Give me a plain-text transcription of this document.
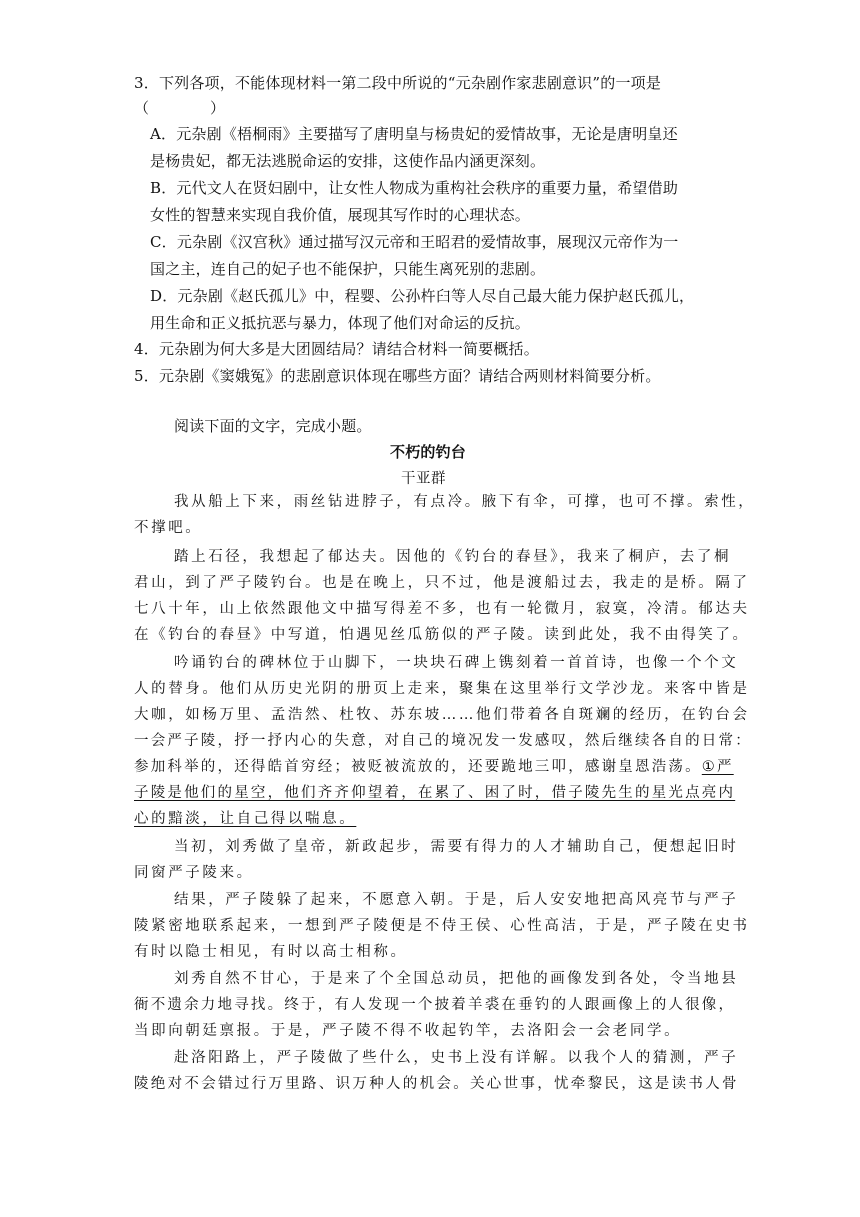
3．下列各项，不能体现材料一第二段中所说的“元杂剧作家悲剧意识”的一项是
（　　　　）
A．元杂剧《梧桐雨》主要描写了唐明皇与杨贵妃的爱情故事，无论是唐明皇还
是杨贵妃，都无法逃脱命运的安排，这使作品内涵更深刻。
B．元代文人在贤妇剧中，让女性人物成为重构社会秩序的重要力量，希望借助
女性的智慧来实现自我价值，展现其写作时的心理状态。
C．元杂剧《汉宫秋》通过描写汉元帝和王昭君的爱情故事，展现汉元帝作为一
国之主，连自己的妃子也不能保护，只能生离死别的悲剧。
D．元杂剧《赵氏孤儿》中，程婴、公孙杵臼等人尽自己最大能力保护赵氏孤儿，
用生命和正义抵抗恶与暴力，体现了他们对命运的反抗。
4．元杂剧为何大多是大团圆结局？请结合材料一简要概括。
5．元杂剧《窦娥冤》的悲剧意识体现在哪些方面？请结合两则材料简要分析。
阅读下面的文字，完成小题。
不朽的钓台
干亚群
我从船上下来，雨丝钻进脖子，有点冷。腋下有伞，可撑，也可不撑。索性，
不撑吧。
踏上石径，我想起了郁达夫。因他的《钓台的春昼》，我来了桐庐，去了桐
君山，到了严子陵钓台。也是在晚上，只不过，他是渡船过去，我走的是桥。隔了
七八十年，山上依然跟他文中描写得差不多，也有一轮微月，寂寞，冷清。郁达夫
在《钓台的春昼》中写道，怕遇见丝瓜筋似的严子陵。读到此处，我不由得笑了。
吟诵钓台的碑林位于山脚下，一块块石碑上镌刻着一首首诗，也像一个个文
人的替身。他们从历史光阴的册页上走来，聚集在这里举行文学沙龙。来客中皆是
大咖，如杨万里、孟浩然、杜牧、苏东坡……他们带着各自斑斓的经历，在钓台会
一会严子陵，抒一抒内心的失意，对自己的境况发一发感叹，然后继续各自的日常：
参加科举的，还得皓首穷经；被贬被流放的，还要跪地三叩，感谢皇恩浩荡。①严
子陵是他们的星空，他们齐齐仰望着，在累了、困了时，借子陵先生的星光点亮内
心的黯淡，让自己得以喘息。
当初，刘秀做了皇帝，新政起步，需要有得力的人才辅助自己，便想起旧时
同窗严子陵来。
结果，严子陵躲了起来，不愿意入朝。于是，后人安安地把高风亮节与严子
陵紧密地联系起来，一想到严子陵便是不侍王侯、心性高洁，于是，严子陵在史书
有时以隐士相见，有时以高士相称。
刘秀自然不甘心，于是来了个全国总动员，把他的画像发到各处，令当地县
衙不遗余力地寻找。终于，有人发现一个披着羊裘在垂钓的人跟画像上的人很像，
当即向朝廷禀报。于是，严子陵不得不收起钓竿，去洛阳会一会老同学。
赴洛阳路上，严子陵做了些什么，史书上没有详解。以我个人的猜测，严子
陵绝对不会错过行万里路、识万种人的机会。关心世事，忧牵黎民，这是读书人骨
